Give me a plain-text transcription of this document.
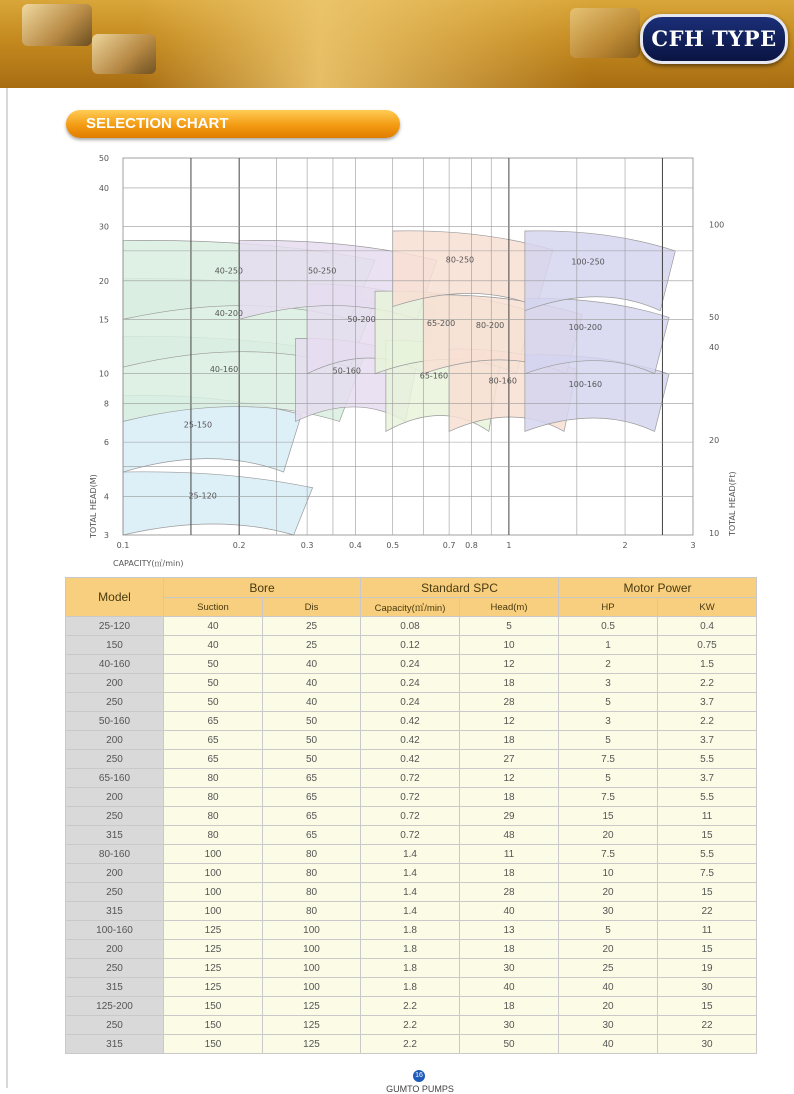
CFH TYPE
SELECTION CHART
25-120
25-150
40-160
40-200
40-250
50-160
50-200
50-250
65-160
65-200
80-160
80-200
80-250
100-160
100-200
100-250
0.1	0.2	0.3	0.4	0.5	0.7 0.8	1	2	3
3
4
6
8
10
15
20
30
40
50
10
20
40
50
100
CAPACITY(㎥/min)
TOTAL HEAD(M)	TOTAL HEAD(Ft)
Model	Bore		Standard SPC		Motor Power	
	Suction	Dis	Capacity(㎥/min)	Head(m)	HP	KW
25-120	40	25	0.08	5	0.5	0.4
150	40	25	0.12	10	1	0.75
40-160	50	40	0.24	12	2	1.5
200	50	40	0.24	18	3	2.2
250	50	40	0.24	28	5	3.7
50-160	65	50	0.42	12	3	2.2
200	65	50	0.42	18	5	3.7
250	65	50	0.42	27	7.5	5.5
65-160	80	65	0.72	12	5	3.7
200	80	65	0.72	18	7.5	5.5
250	80	65	0.72	29	15	11
315	80	65	0.72	48	20	15
80-160	100	80	1.4	11	7.5	5.5
200	100	80	1.4	18	10	7.5
250	100	80	1.4	28	20	15
315	100	80	1.4	40	30	22
100-160	125	100	1.8	13	5	11
200	125	100	1.8	18	20	15
250	125	100	1.8	30	25	19
315	125	100	1.8	40	40	30
125-200	150	125	2.2	18	20	15
250	150	125	2.2	30	30	22
315	150	125	2.2	50	40	30
16
GUMTO PUMPS
